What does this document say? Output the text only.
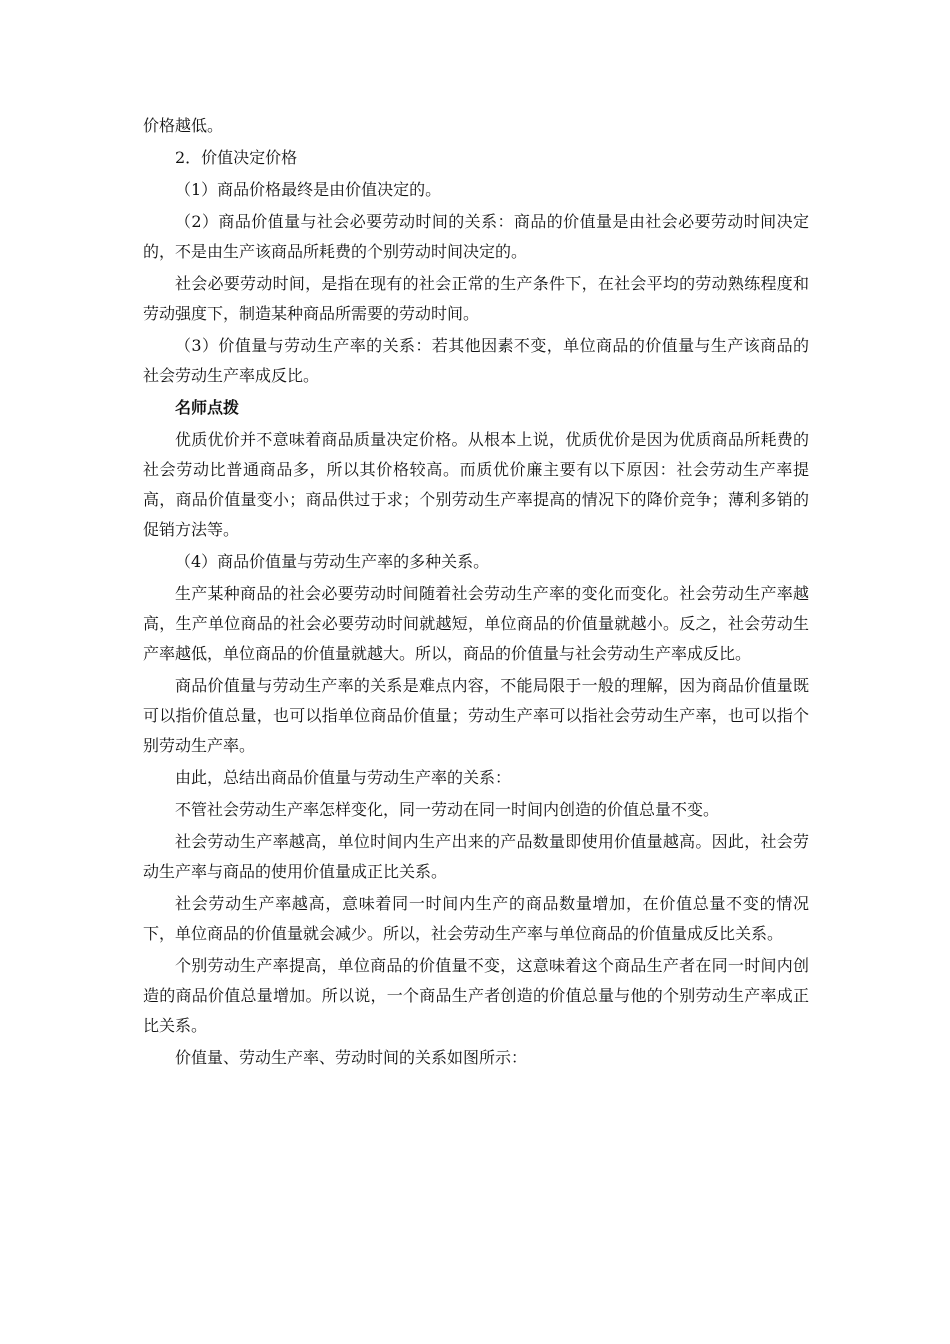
价格越低。

2．价值决定价格

（1）商品价格最终是由价值决定的。

（2）商品价值量与社会必要劳动时间的关系：商品的价值量是由社会必要劳动时间决定的，不是由生产该商品所耗费的个别劳动时间决定的。

社会必要劳动时间，是指在现有的社会正常的生产条件下，在社会平均的劳动熟练程度和劳动强度下，制造某种商品所需要的劳动时间。

（3）价值量与劳动生产率的关系：若其他因素不变，单位商品的价值量与生产该商品的社会劳动生产率成反比。

名师点拨

优质优价并不意味着商品质量决定价格。从根本上说，优质优价是因为优质商品所耗费的社会劳动比普通商品多，所以其价格较高。而质优价廉主要有以下原因：社会劳动生产率提高，商品价值量变小；商品供过于求；个别劳动生产率提高的情况下的降价竞争；薄利多销的促销方法等。

（4）商品价值量与劳动生产率的多种关系。

生产某种商品的社会必要劳动时间随着社会劳动生产率的变化而变化。社会劳动生产率越高，生产单位商品的社会必要劳动时间就越短，单位商品的价值量就越小。反之，社会劳动生产率越低，单位商品的价值量就越大。所以，商品的价值量与社会劳动生产率成反比。

商品价值量与劳动生产率的关系是难点内容，不能局限于一般的理解，因为商品价值量既可以指价值总量，也可以指单位商品价值量；劳动生产率可以指社会劳动生产率，也可以指个别劳动生产率。

由此，总结出商品价值量与劳动生产率的关系：

不管社会劳动生产率怎样变化，同一劳动在同一时间内创造的价值总量不变。

社会劳动生产率越高，单位时间内生产出来的产品数量即使用价值量越高。因此，社会劳动生产率与商品的使用价值量成正比关系。

社会劳动生产率越高，意味着同一时间内生产的商品数量增加，在价值总量不变的情况下，单位商品的价值量就会减少。所以，社会劳动生产率与单位商品的价值量成反比关系。

个别劳动生产率提高，单位商品的价值量不变，这意味着这个商品生产者在同一时间内创造的商品价值总量增加。所以说，一个商品生产者创造的价值总量与他的个别劳动生产率成正比关系。

价值量、劳动生产率、劳动时间的关系如图所示：
